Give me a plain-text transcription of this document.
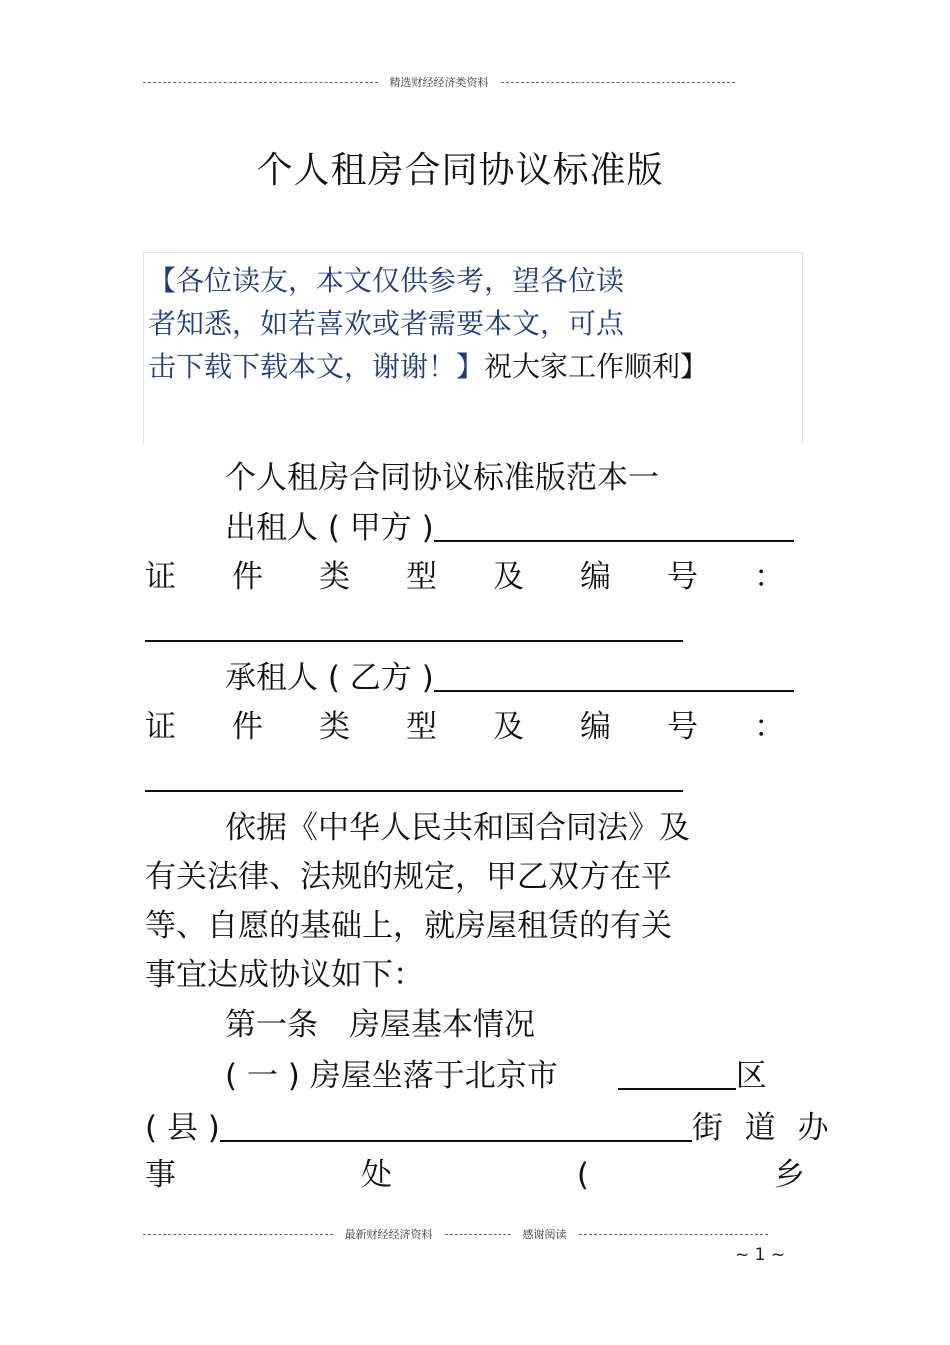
精选财经经济类资料
个人租房合同协议标准版
【各位读友，本文仅供参考，望各位读
者知悉，如若喜欢或者需要本文，可点
击下载下载本文，谢谢！】祝大家工作顺利】
个人租房合同协议标准版范本一
出租人 ( 甲方 )
证 件 类 型 及 编 号 ：
承租人 ( 乙方 )
证 件 类 型 及 编 号 ：
依据《中华人民共和国合同法》及
有关法律、法规的规定，甲乙双方在平
等、自愿的基础上，就房屋租赁的有关
事宜达成协议如下：
第一条　房屋基本情况
( 一 ) 房屋坐落于北京市	区
( 县 )	街 道 办
事	处	(	乡
最新财经经济资料	感谢阅读
~ 1 ~
